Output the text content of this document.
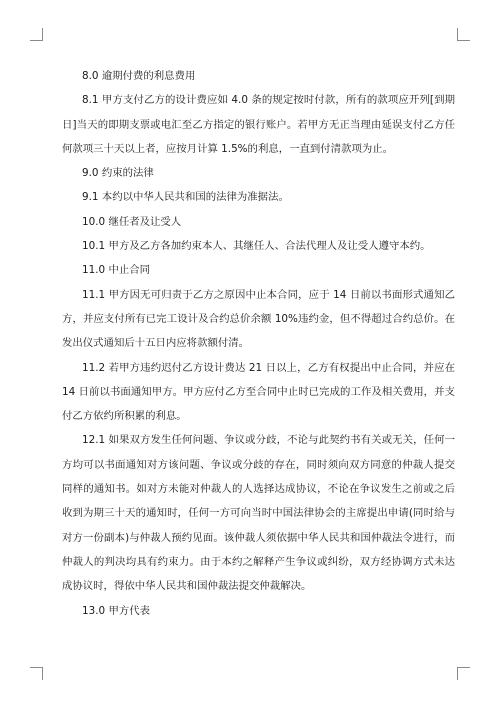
8.0 逾期付费的利息费用

8.1 甲方支付乙方的设计费应如 4.0 条的规定按时付款，所有的款项应开列[到期日]当天的即期支票或电汇至乙方指定的银行账户。若甲方无正当理由延误支付乙方任何款项三十天以上者，应按月计算 1.5%的利息，一直到付清款项为止。

9.0 约束的法律

9.1 本约以中华人民共和国的法律为准据法。

10.0 继任者及让受人

10.1 甲方及乙方各加约束本人、其继任人、合法代理人及让受人遵守本约。

11.0 中止合同

11.1 甲方因无可归责于乙方之原因中止本合同，应于 14 日前以书面形式通知乙方，并应支付所有已完工设计及合约总价余额 10%违约金，但不得超过合约总价。在发出仪式通知后十五日内应将款额付清。

11.2 若甲方违约迟付乙方设计费达 21 日以上，乙方有权提出中止合同，并应在 14 日前以书面通知甲方。甲方应付乙方至合同中止时已完成的工作及相关费用，并支付乙方依约所积累的利息。

12.1 如果双方发生任何问题、争议或分歧，不论与此契约书有关或无关，任何一方均可以书面通知对方该问题、争议或分歧的存在，同时须向双方同意的仲裁人提交同样的通知书。如对方未能对仲裁人的人选择达成协议，不论在争议发生之前或之后收到为期三十天的通知时，任何一方可向当时中国法律协会的主席提出申请(同时给与对方一份副本)与仲裁人预约见面。该仲裁人须依据中华人民共和国仲裁法令进行，而仲裁人的判决均具有约束力。由于本约之解释产生争议或纠纷，双方经协调方式未达成协议时，得依中华人民共和国仲裁法提交仲裁解决。

13.0 甲方代表
